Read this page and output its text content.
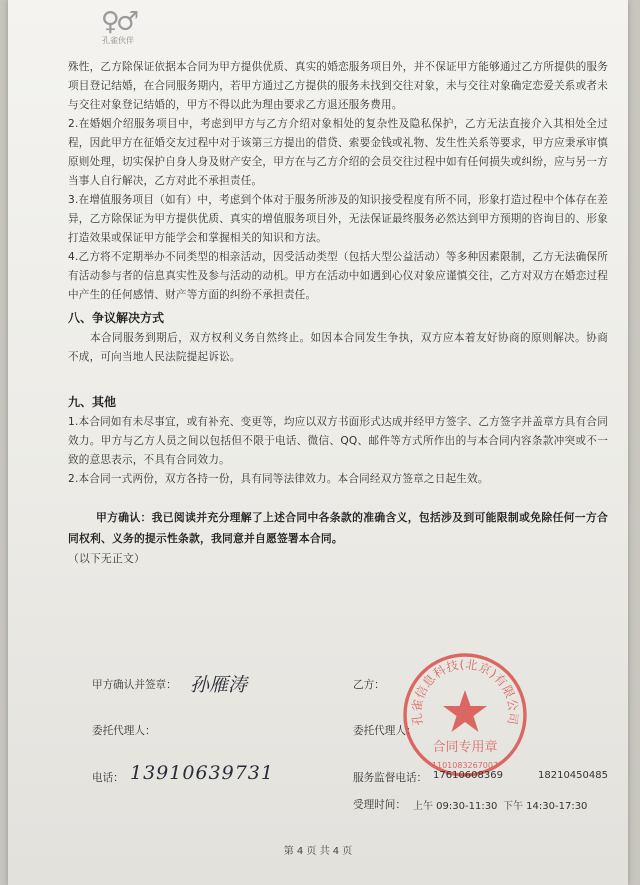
♀♂
孔雀伙伴

殊性，乙方除保证依据本合同为甲方提供优质、真实的婚恋服务项目外，并不保证甲方能够通过乙方所提供的服务项目登记结婚，在合同服务期内，若甲方通过乙方提供的服务未找到交往对象，未与交往对象确定恋爱关系或者未与交往对象登记结婚的，甲方不得以此为理由要求乙方退还服务费用。

2.在婚姻介绍服务项目中，考虑到甲方与乙方介绍对象相处的复杂性及隐私保护，乙方无法直接介入其相处全过程，因此甲方在征婚交友过程中对于该第三方提出的借贷、索要金钱或礼物、发生性关系等要求，甲方应秉承审慎原则处理，切实保护自身人身及财产安全，甲方在与乙方介绍的会员交往过程中如有任何损失或纠纷，应与另一方当事人自行解决，乙方对此不承担责任。

3.在增值服务项目（如有）中，考虑到个体对于服务所涉及的知识接受程度有所不同，形象打造过程中个体存在差异，乙方除保证为甲方提供优质、真实的增值服务项目外，无法保证最终服务必然达到甲方预期的咨询目的、形象打造效果或保证甲方能学会和掌握相关的知识和方法。

4.乙方将不定期举办不同类型的相亲活动，因受活动类型（包括大型公益活动）等多种因素限制，乙方无法确保所有活动参与者的信息真实性及参与活动的动机。甲方在活动中如遇到心仪对象应谨慎交往，乙方对双方在婚恋过程中产生的任何感情、财产等方面的纠纷不承担责任。

八、争议解决方式

本合同服务到期后，双方权利义务自然终止。如因本合同发生争执，双方应本着友好协商的原则解决。协商不成，可向当地人民法院提起诉讼。

九、其他

1.本合同如有未尽事宜，或有补充、变更等，均应以双方书面形式达成并经甲方签字、乙方签字并盖章方具有合同效力。甲方与乙方人员之间以包括但不限于电话、微信、QQ、邮件等方式所作出的与本合同内容条款冲突或不一致的意思表示，不具有合同效力。

2.本合同一式两份，双方各持一份，具有同等法律效力。本合同经双方签章之日起生效。

甲方确认：我已阅读并充分理解了上述合同中各条款的准确含义，包括涉及到可能限制或免除任何一方合同权利、义务的提示性条款，我同意并自愿签署本合同。

（以下无正文）

甲方确认并签章： 孙雁涛	乙方：
委托代理人：	委托代理人：
电话： 13910639731
孔雀信息科技(北京)有限公司
合同专用章
1101083267007
服务监督电话： 17610608369	18210450485
受理时间： 上午 09:30-11:30 下午 14:30-17:30
第 4 页 共 4 页
